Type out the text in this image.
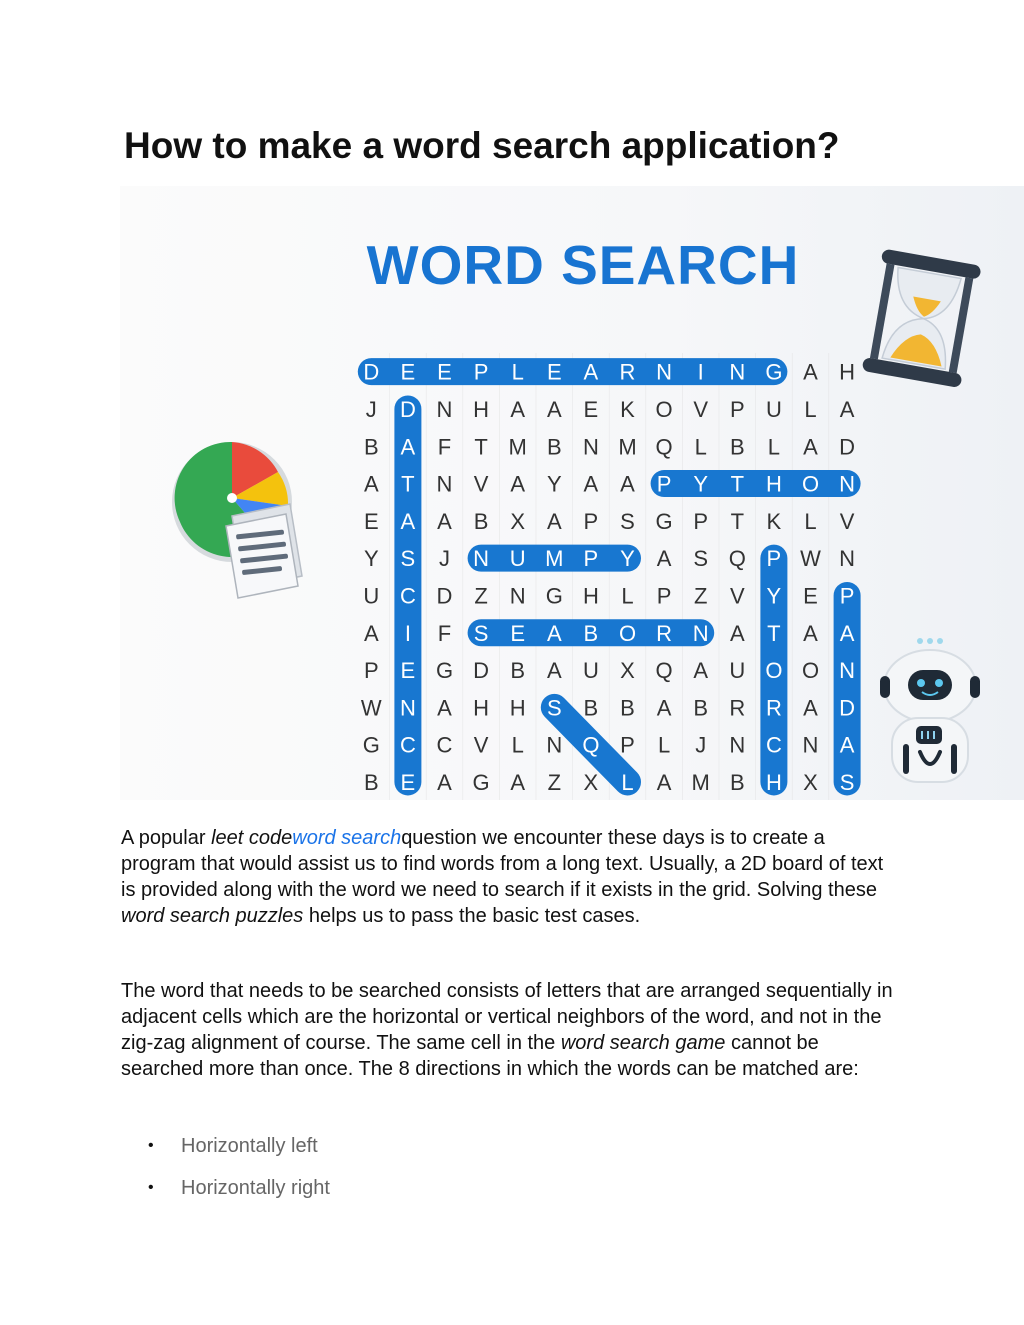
How to make a word search application?
WORD SEARCH
D E E P L E A R N I N G A H
J D N H A A E K O V P U L A
B A F T M B N M Q L B L A D
A T N V A Y A A P Y T H O N
E A A B X A P S G P T K L V
Y S J N U M P Y A S Q P W N
U C D Z N G H L P Z V Y E P
A I F S E A B O R N A T A A
P E G D B A U X Q A U O O N
W N A H H S B B A B R R A D
G C C V L N Q P L J N C N A
B E A G A Z X L A M B H X S

A popular leet codeword searchquestion we encounter these days is to create a program that would assist us to find words from a long text. Usually, a 2D board of text is provided along with the word we need to search if it exists in the grid. Solving these word search puzzles helps us to pass the basic test cases.

The word that needs to be searched consists of letters that are arranged sequentially in adjacent cells which are the horizontal or vertical neighbors of the word, and not in the zig-zag alignment of course. The same cell in the word search game cannot be searched more than once. The 8 directions in which the words can be matched are:

• Horizontally left
• Horizontally right
